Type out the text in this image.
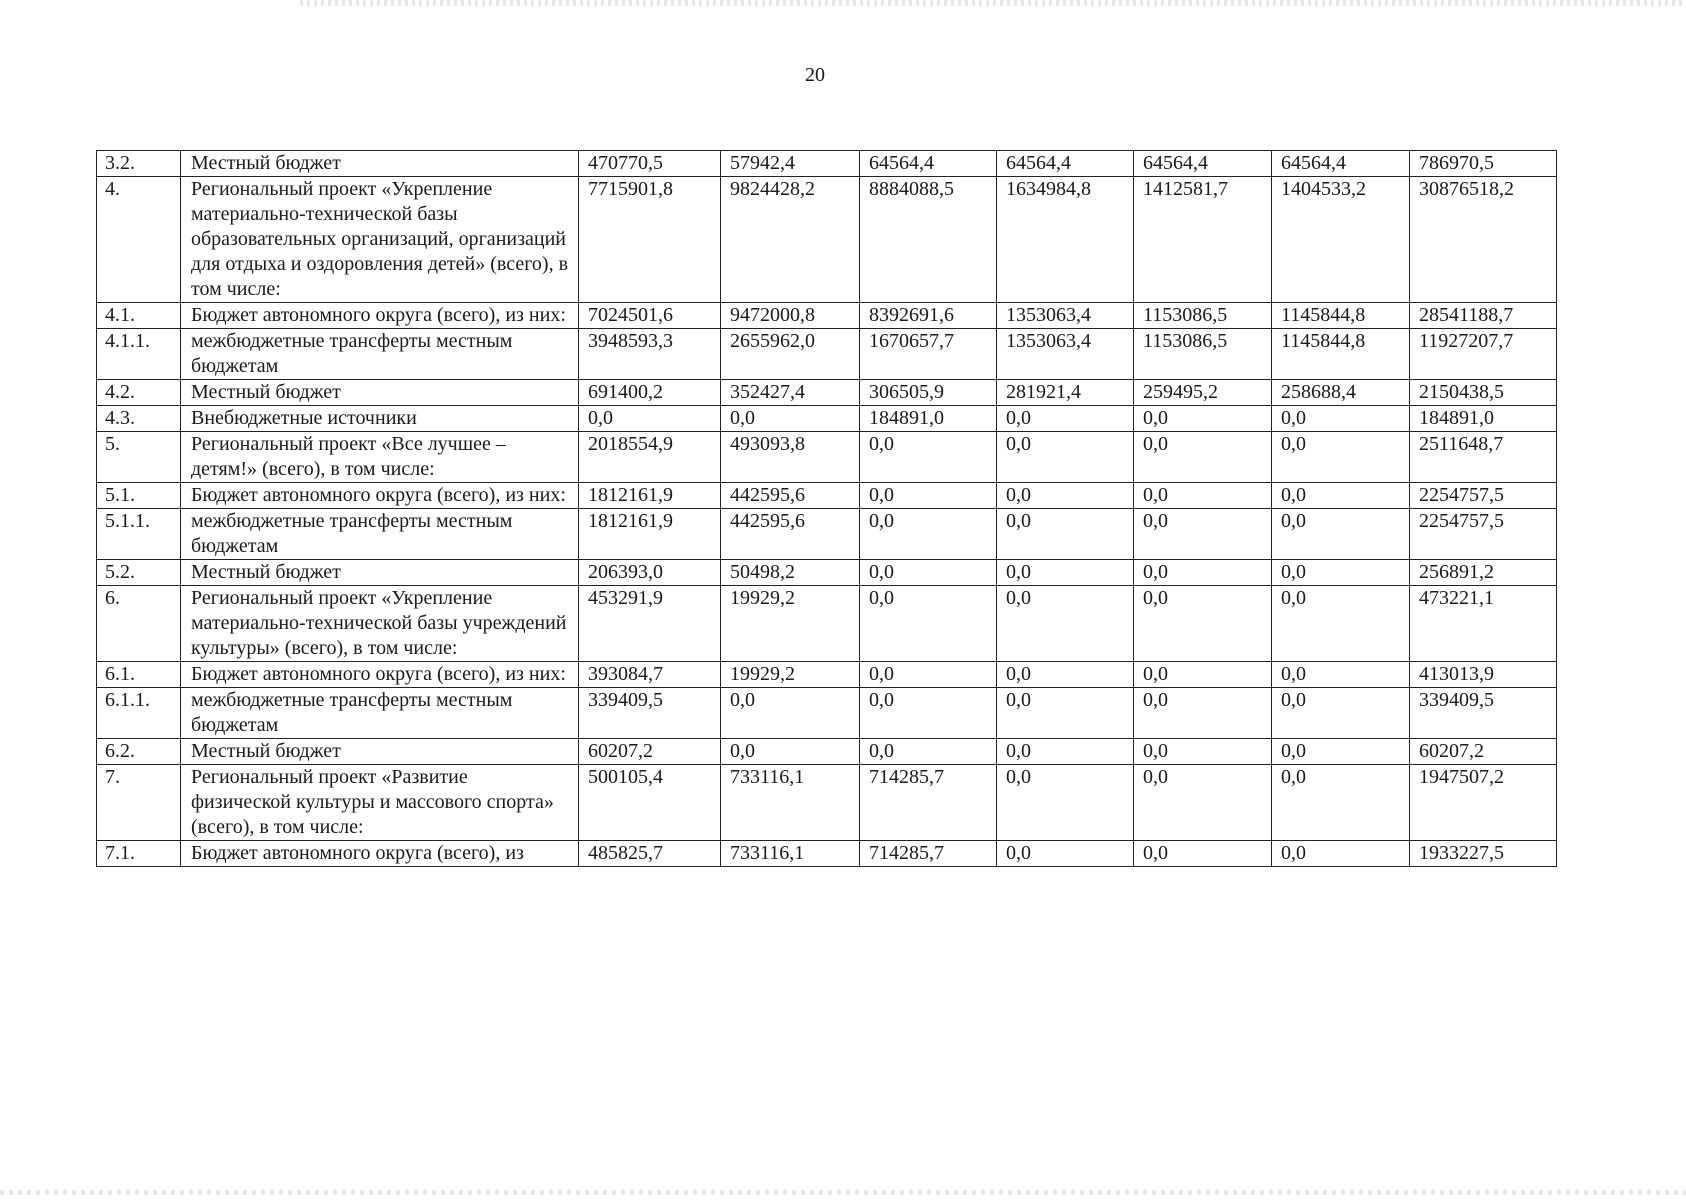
20
3.2.	Местный бюджет	470770,5	57942,4	64564,4	64564,4	64564,4	64564,4	786970,5
4.	Региональный проект «Укрепление материально-технической базы образовательных организаций, организаций для отдыха и оздоровления детей» (всего), в том числе:	7715901,8	9824428,2	8884088,5	1634984,8	1412581,7	1404533,2	30876518,2
4.1.	Бюджет автономного округа (всего), из них:	7024501,6	9472000,8	8392691,6	1353063,4	1153086,5	1145844,8	28541188,7
4.1.1.	межбюджетные трансферты местным бюджетам	3948593,3	2655962,0	1670657,7	1353063,4	1153086,5	1145844,8	11927207,7
4.2.	Местный бюджет	691400,2	352427,4	306505,9	281921,4	259495,2	258688,4	2150438,5
4.3.	Внебюджетные источники	0,0	0,0	184891,0	0,0	0,0	0,0	184891,0
5.	Региональный проект «Все лучшее – детям!» (всего), в том числе:	2018554,9	493093,8	0,0	0,0	0,0	0,0	2511648,7
5.1.	Бюджет автономного округа (всего), из них:	1812161,9	442595,6	0,0	0,0	0,0	0,0	2254757,5
5.1.1.	межбюджетные трансферты местным бюджетам	1812161,9	442595,6	0,0	0,0	0,0	0,0	2254757,5
5.2.	Местный бюджет	206393,0	50498,2	0,0	0,0	0,0	0,0	256891,2
6.	Региональный проект «Укрепление материально-технической базы учреждений культуры» (всего), в том числе:	453291,9	19929,2	0,0	0,0	0,0	0,0	473221,1
6.1.	Бюджет автономного округа (всего), из них:	393084,7	19929,2	0,0	0,0	0,0	0,0	413013,9
6.1.1.	межбюджетные трансферты местным бюджетам	339409,5	0,0	0,0	0,0	0,0	0,0	339409,5
6.2.	Местный бюджет	60207,2	0,0	0,0	0,0	0,0	0,0	60207,2
7.	Региональный проект «Развитие физической культуры и массового спорта» (всего), в том числе:	500105,4	733116,1	714285,7	0,0	0,0	0,0	1947507,2
7.1.	Бюджет автономного округа (всего), из	485825,7	733116,1	714285,7	0,0	0,0	0,0	1933227,5
